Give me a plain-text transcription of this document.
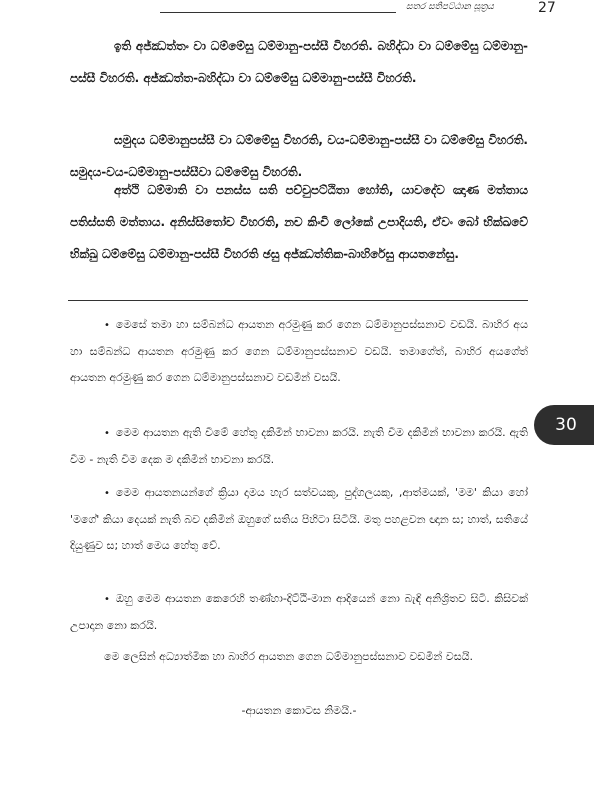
සතර සතිපට්ඨාන සූත්‍රය	27

ඉති අජ්ඣත්තං වා ධම්මේසු ධම්මානු-පස්සී විහරති. බහිද්ධා වා ධම්මේසු ධම්මානු-පස්සී විහරති. අජ්ඣත්ත-බහිද්ධා වා ධම්මේසු ධම්මානු-පස්සී විහරති.

සමුදය ධම්මානුපස්සී වා ධම්මේසු විහරති, වය-ධම්මානු-පස්සී වා ධම්මේසු විහරති. සමුදය-වය-ධම්මානු-පස්සීවා ධම්මේසු විහරති.

අත්ථි ධම්මාති වා පනස්ස සති පච්චුපට්ඨිතා හෝති, යාවදේව ඤාණ මත්තාය පතිස්සති මත්තාය. අනිස්සිතෝච විහරති, නච කිංචි ලෝකේ උපාදියති, ඒවං බෝ භික්ඛවේ භික්ඛු ධම්මේසු ධම්මානු-පස්සී විහරති ඡසු අජ්ඣත්තික-බාහිරේසු ආයතනේසු.

• මෙසේ තමා හා සම්බන්ධ ආයතන අරමුණු කර ගෙන ධම්මානුපස්සනාව වඩයි. බාහිර අය හා සම්බන්ධ ආයතන අරමුණු කර ගෙන ධම්මානුපස්සනාව වඩයි. තමාගේත්, බාහිර අයගේත් ආයතන අරමුණු කර ගෙන ධම්මානුපස්සනාව වඩමින් වසයි.

• මෙම ආයතන ඇති වීමේ හේතු දකිමින් භාවනා කරයි. නැති වීම දකිමින් භාවනා කරයි. ඇති වීම - නැති වීම දෙක ම දකිමින් භාවනා කරයි.

• මෙම ආයතනයන්ගේ ක්‍රියා දාමය හැර සත්වයකු, පුද්ගලයකු, ,ආත්මයක්, 'මම' කියා හෝ 'මගේ' කියා දෙයක් නැති බව දකිමින් ඔහුගේ සතිය පිහිටා සිටියි. මතු පහළවන ඥාන ස; හාත්, සතියේ දියුණුව ස; හාත් මෙය හේතු වේ.

• ඔහු මෙම ආයතන කෙරෙහි තණ්හා-දිට්ඨි-මාන ආදියෙන් නො බැඳි අනිශ්‍රිතව සිටී. කිසිවක් උපාදාන නො කරයි.

මෙ ලෙසින් අධ්‍යාත්මික හා බාහිර ආයතන ගෙන ධම්මානුපස්සනාව වඩමින් වසයි.

-ආයතන කොටස නිමයි.-
30
